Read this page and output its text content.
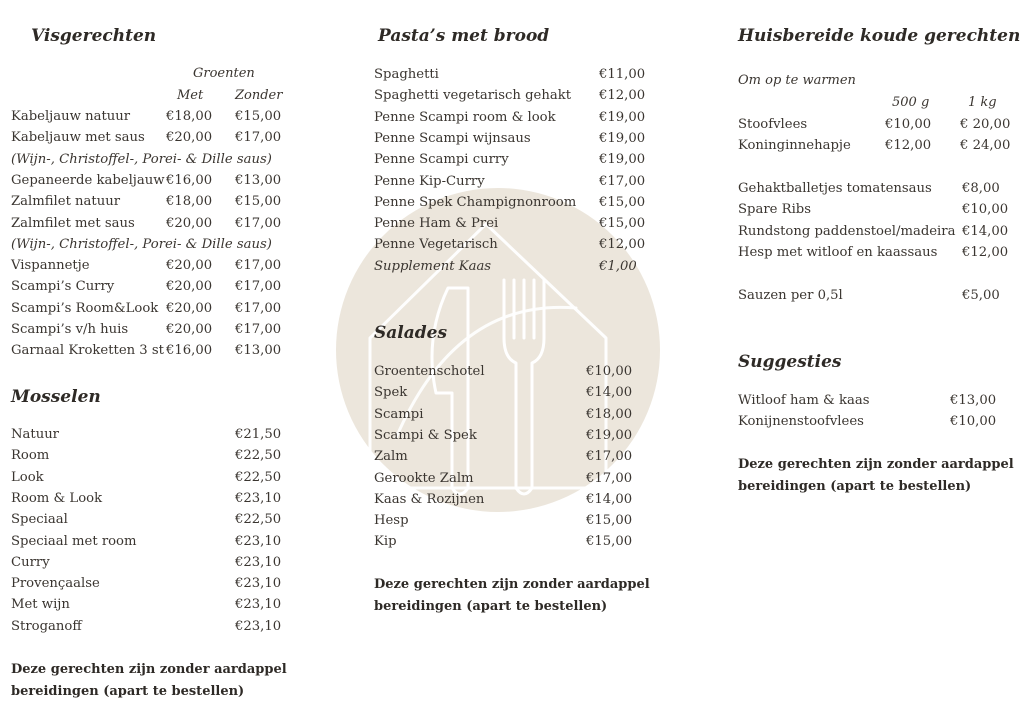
Visgerechten
Groenten
Met Zonder
Kabeljauw natuur	€18,00 €15,00
Kabeljauw met saus €20,00 €17,00
(Wijn-, Christoffel-, Porei- & Dille saus)
Gepaneerde kabeljauw €16,00 €13,00
Zalmfilet natuur	€18,00 €15,00
Zalmfilet met saus €20,00 €17,00
(Wijn-, Christoffel-, Porei- & Dille saus)
Vispannetje	€20,00 €17,00
Scampi’s Curry	€20,00 €17,00
Scampi’s Room&Look €20,00 €17,00
Scampi’s v/h huis	€20,00 €17,00
Garnaal Kroketten 3 st €16,00 €13,00
Mosselen
Natuur	€21,50
Room	€22,50
Look	€22,50
Room & Look	€23,10
Speciaal	€22,50
Speciaal met room	€23,10
Curry	€23,10
Provençaalse	€23,10
Met wijn	€23,10
Stroganoff	€23,10
Deze gerechten zijn zonder aardappel
bereidingen (apart te bestellen)
Pasta’s met brood
Spaghetti	€11,00
Spaghetti vegetarisch gehakt €12,00
Penne Scampi room & look	€19,00
Penne Scampi wijnsaus	€19,00
Penne Scampi curry	€19,00
Penne Kip-Curry	€17,00
Penne Spek Champignonroom €15,00
Penne Ham & Prei	€15,00
Penne Vegetarisch	€12,00
Supplement Kaas	€1,00
Salades
Groentenschotel	€10,00
Spek	€14,00
Scampi	€18,00
Scampi & Spek	€19,00
Zalm	€17,00
Gerookte Zalm	€17,00
Kaas & Rozijnen	€14,00
Hesp	€15,00
Kip	€15,00
Deze gerechten zijn zonder aardappel
bereidingen (apart te bestellen)
Huisbereide koude gerechten
Om op te warmen
500 g	1 kg
Stoofvlees	€10,00 € 20,00
Koninginnehapje	€12,00 € 24,00
Gehaktballetjes tomatensaus €8,00
Spare Ribs	€10,00
Rundstong paddenstoel/madeira €14,00
Hesp met witloof en kaassaus €12,00
Sauzen per 0,5l	€5,00
Suggesties
Witloof ham & kaas	€13,00
Konijnenstoofvlees	€10,00
Deze gerechten zijn zonder aardappel
bereidingen (apart te bestellen)
